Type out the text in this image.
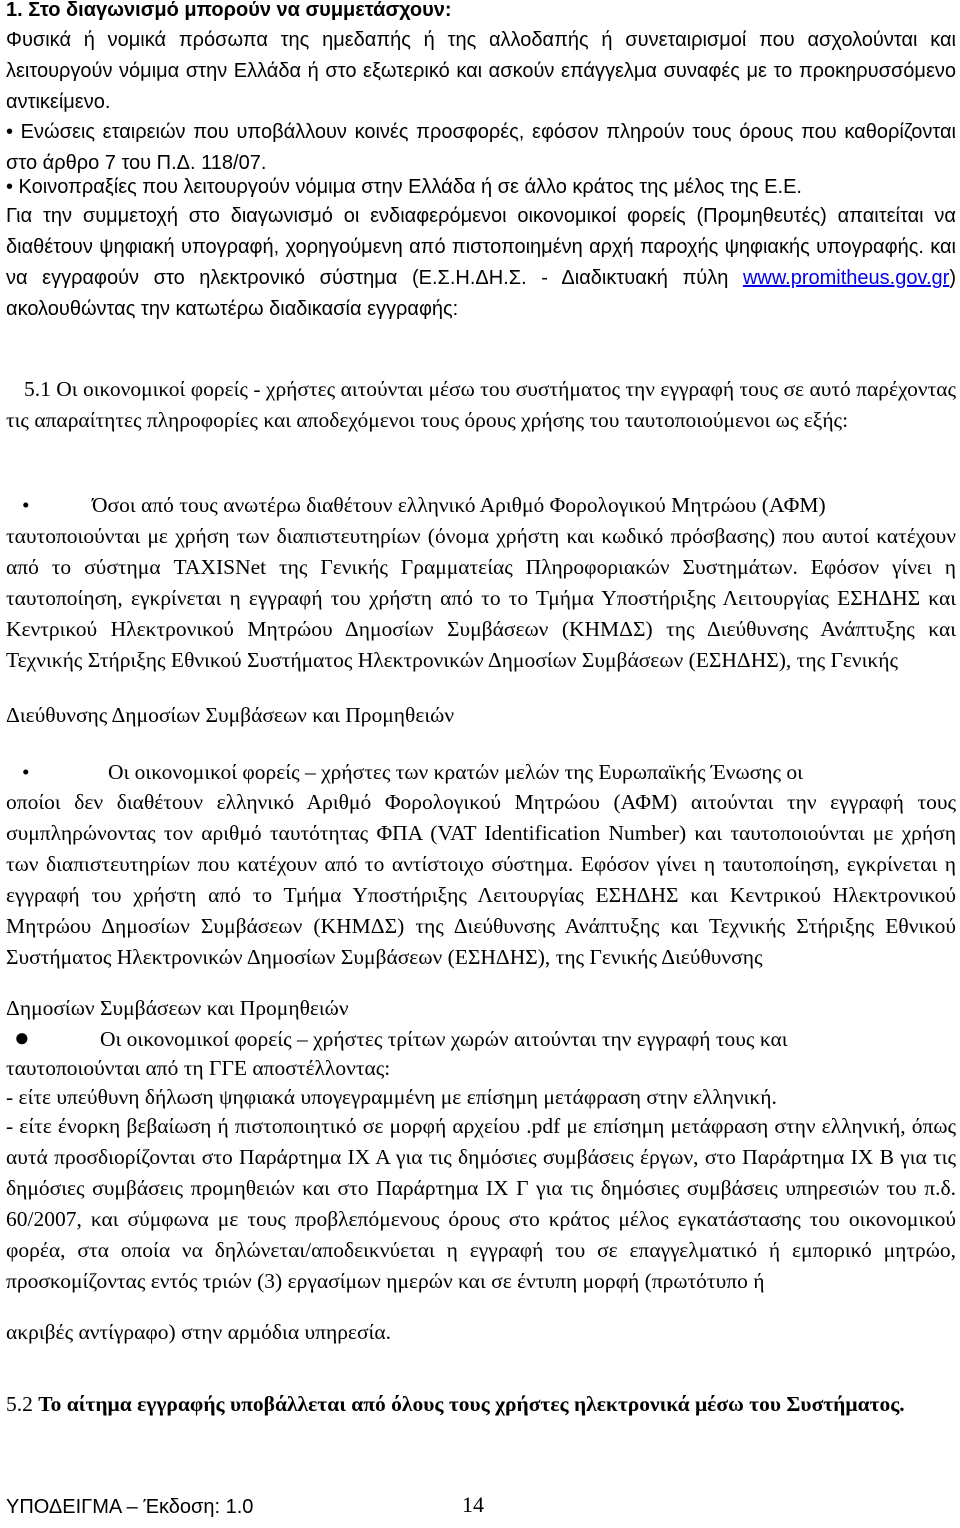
1. Στο διαγωνισμό μπορούν να συμμετάσχουν:
Φυσικά ή νομικά πρόσωπα της ημεδαπής ή της αλλοδαπής ή συνεταιρισμοί που ασχολούνται και λειτουργούν νόμιμα στην Ελλάδα ή στο εξωτερικό και ασκούν επάγγελμα συναφές με το προκηρυσσόμενο αντικείμενο.
• Ενώσεις εταιρειών που υποβάλλουν κοινές προσφορές, εφόσον πληρούν τους όρους που καθορίζονται στο άρθρο 7 του Π.Δ. 118/07.
• Κοινοπραξίες που λειτουργούν νόμιμα στην Ελλάδα ή σε άλλο κράτος της μέλος της Ε.Ε.
Για την συμμετοχή στο διαγωνισμό οι ενδιαφερόμενοι οικονομικοί φορείς (Προμηθευτές) απαιτείται να διαθέτουν ψηφιακή υπογραφή, χορηγούμενη από πιστοποιημένη αρχή παροχής ψηφιακής υπογραφής. και να εγγραφούν στο ηλεκτρονικό σύστημα (Ε.Σ.Η.ΔΗ.Σ. - Διαδικτυακή πύλη www.promitheus.gov.gr) ακολουθώντας την κατωτέρω διαδικασία εγγραφής:
5.1 Οι οικονομικοί φορείς - χρήστες αιτούνται μέσω του συστήματος την εγγραφή τους σε αυτό παρέχοντας τις απαραίτητες πληροφορίες και αποδεχόμενοι τους όρους χρήσης του ταυτοποιούμενοι ως εξής:
•	Όσοι από τους ανωτέρω διαθέτουν ελληνικό Αριθμό Φορολογικού Μητρώου (ΑΦΜ)
ταυτοποιούνται με χρήση των διαπιστευτηρίων (όνομα χρήστη και κωδικό πρόσβασης) που αυτοί κατέχουν από το σύστημα TAXISNet της Γενικής Γραμματείας Πληροφοριακών Συστημάτων. Εφόσον γίνει η ταυτοποίηση, εγκρίνεται η εγγραφή του χρήστη από το το Τμήμα Υποστήριξης Λειτουργίας ΕΣΗΔΗΣ και Κεντρικού Ηλεκτρονικού Μητρώου Δημοσίων Συμβάσεων (ΚΗΜΔΣ) της Διεύθυνσης Ανάπτυξης και Τεχνικής Στήριξης Εθνικού Συστήματος Ηλεκτρονικών Δημοσίων Συμβάσεων (ΕΣΗΔΗΣ), της Γενικής
Διεύθυνσης Δημοσίων Συμβάσεων και Προμηθειών
•	Οι οικονομικοί φορείς – χρήστες των κρατών μελών της Ευρωπαϊκής Ένωσης οι
οποίοι δεν διαθέτουν ελληνικό Αριθμό Φορολογικού Μητρώου (ΑΦΜ) αιτούνται την εγγραφή τους συμπληρώνοντας τον αριθμό ταυτότητας ΦΠΑ (VAT Identification Number) και ταυτοποιούνται με χρήση των διαπιστευτηρίων που κατέχουν από το αντίστοιχο σύστημα. Εφόσον γίνει η ταυτοποίηση, εγκρίνεται η εγγραφή του χρήστη από το Τμήμα Υποστήριξης Λειτουργίας ΕΣΗΔΗΣ και Κεντρικού Ηλεκτρονικού Μητρώου Δημοσίων Συμβάσεων (ΚΗΜΔΣ) της Διεύθυνσης Ανάπτυξης και Τεχνικής Στήριξης Εθνικού Συστήματος Ηλεκτρονικών Δημοσίων Συμβάσεων (ΕΣΗΔΗΣ), της Γενικής Διεύθυνσης
Δημοσίων Συμβάσεων και Προμηθειών
●	Οι οικονομικοί φορείς – χρήστες τρίτων χωρών αιτούνται την εγγραφή τους και
ταυτοποιούνται από τη ΓΓΕ αποστέλλοντας:
- είτε υπεύθυνη δήλωση ψηφιακά υπογεγραμμένη με επίσημη μετάφραση στην ελληνική.
- είτε ένορκη βεβαίωση ή πιστοποιητικό σε μορφή αρχείου .pdf με επίσημη μετάφραση στην ελληνική, όπως αυτά προσδιορίζονται στο Παράρτημα IX A για τις δημόσιες συμβάσεις έργων, στο Παράρτημα IX B για τις δημόσιες συμβάσεις προμηθειών και στο Παράρτημα IX Γ για τις δημόσιες συμβάσεις υπηρεσιών του π.δ. 60/2007, και σύμφωνα με τους προβλεπόμενους όρους στο κράτος μέλος εγκατάστασης του οικονομικού φορέα, στα οποία να δηλώνεται/αποδεικνύεται η εγγραφή του σε επαγγελματικό ή εμπορικό μητρώο, προσκομίζοντας εντός τριών (3) εργασίμων ημερών και σε έντυπη μορφή (πρωτότυπο ή
ακριβές αντίγραφο) στην αρμόδια υπηρεσία.
5.2 Το αίτημα εγγραφής υποβάλλεται από όλους τους χρήστες ηλεκτρονικά μέσω του Συστήματος.
ΥΠΟΔΕΙΓΜΑ – Έκδοση: 1.0	14
